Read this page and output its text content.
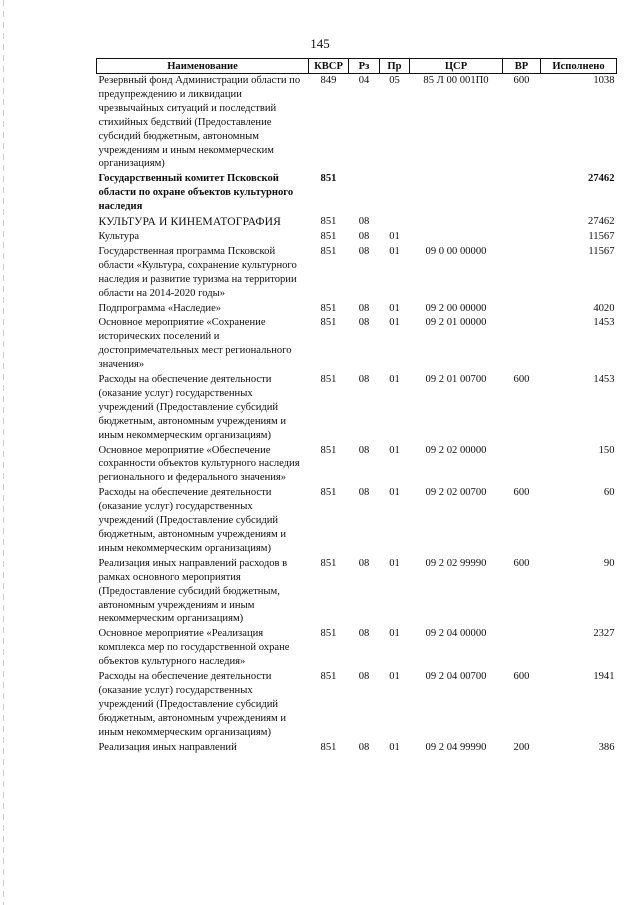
145
Наименование	КВСР	Рз	Пр	ЦСР	ВР	Исполнено
Резервный фонд Администрации области по предупреждению и ликвидации чрезвычайных ситуаций и последствий стихийных бедствий (Предоставление субсидий бюджетным, автономным учреждениям и иным некоммерческим организациям)	849	04	05	85 Л 00 001П0	600	1038
Государственный комитет Псковской области по охране объектов культурного наследия	851					27462
КУЛЬТУРА И КИНЕМАТОГРАФИЯ	851	08				27462
Культура	851	08	01			11567
Государственная программа Псковской области «Культура, сохранение культурного наследия и развитие туризма на территории области на 2014-2020 годы»	851	08	01	09 0 00 00000		11567
Подпрограмма «Наследие»	851	08	01	09 2 00 00000		4020
Основное мероприятие «Сохранение исторических поселений и достопримечательных мест регионального значения»	851	08	01	09 2 01 00000		1453
Расходы на обеспечение деятельности (оказание услуг) государственных учреждений (Предоставление субсидий бюджетным, автономным учреждениям и иным некоммерческим организациям)	851	08	01	09 2 01 00700	600	1453
Основное мероприятие «Обеспечение сохранности объектов культурного наследия регионального и федерального значения»	851	08	01	09 2 02 00000		150
Расходы на обеспечение деятельности (оказание услуг) государственных учреждений (Предоставление субсидий бюджетным, автономным учреждениям и иным некоммерческим организациям)	851	08	01	09 2 02 00700	600	60
Реализация иных направлений расходов в рамках основного мероприятия (Предоставление субсидий бюджетным, автономным учреждениям и иным некоммерческим организациям)	851	08	01	09 2 02 99990	600	90
Основное мероприятие «Реализация комплекса мер по государственной охране объектов культурного наследия»	851	08	01	09 2 04 00000		2327
Расходы на обеспечение деятельности (оказание услуг) государственных учреждений (Предоставление субсидий бюджетным, автономным учреждениям и иным некоммерческим организациям)	851	08	01	09 2 04 00700	600	1941
Реализация иных направлений	851	08	01	09 2 04 99990	200	386
